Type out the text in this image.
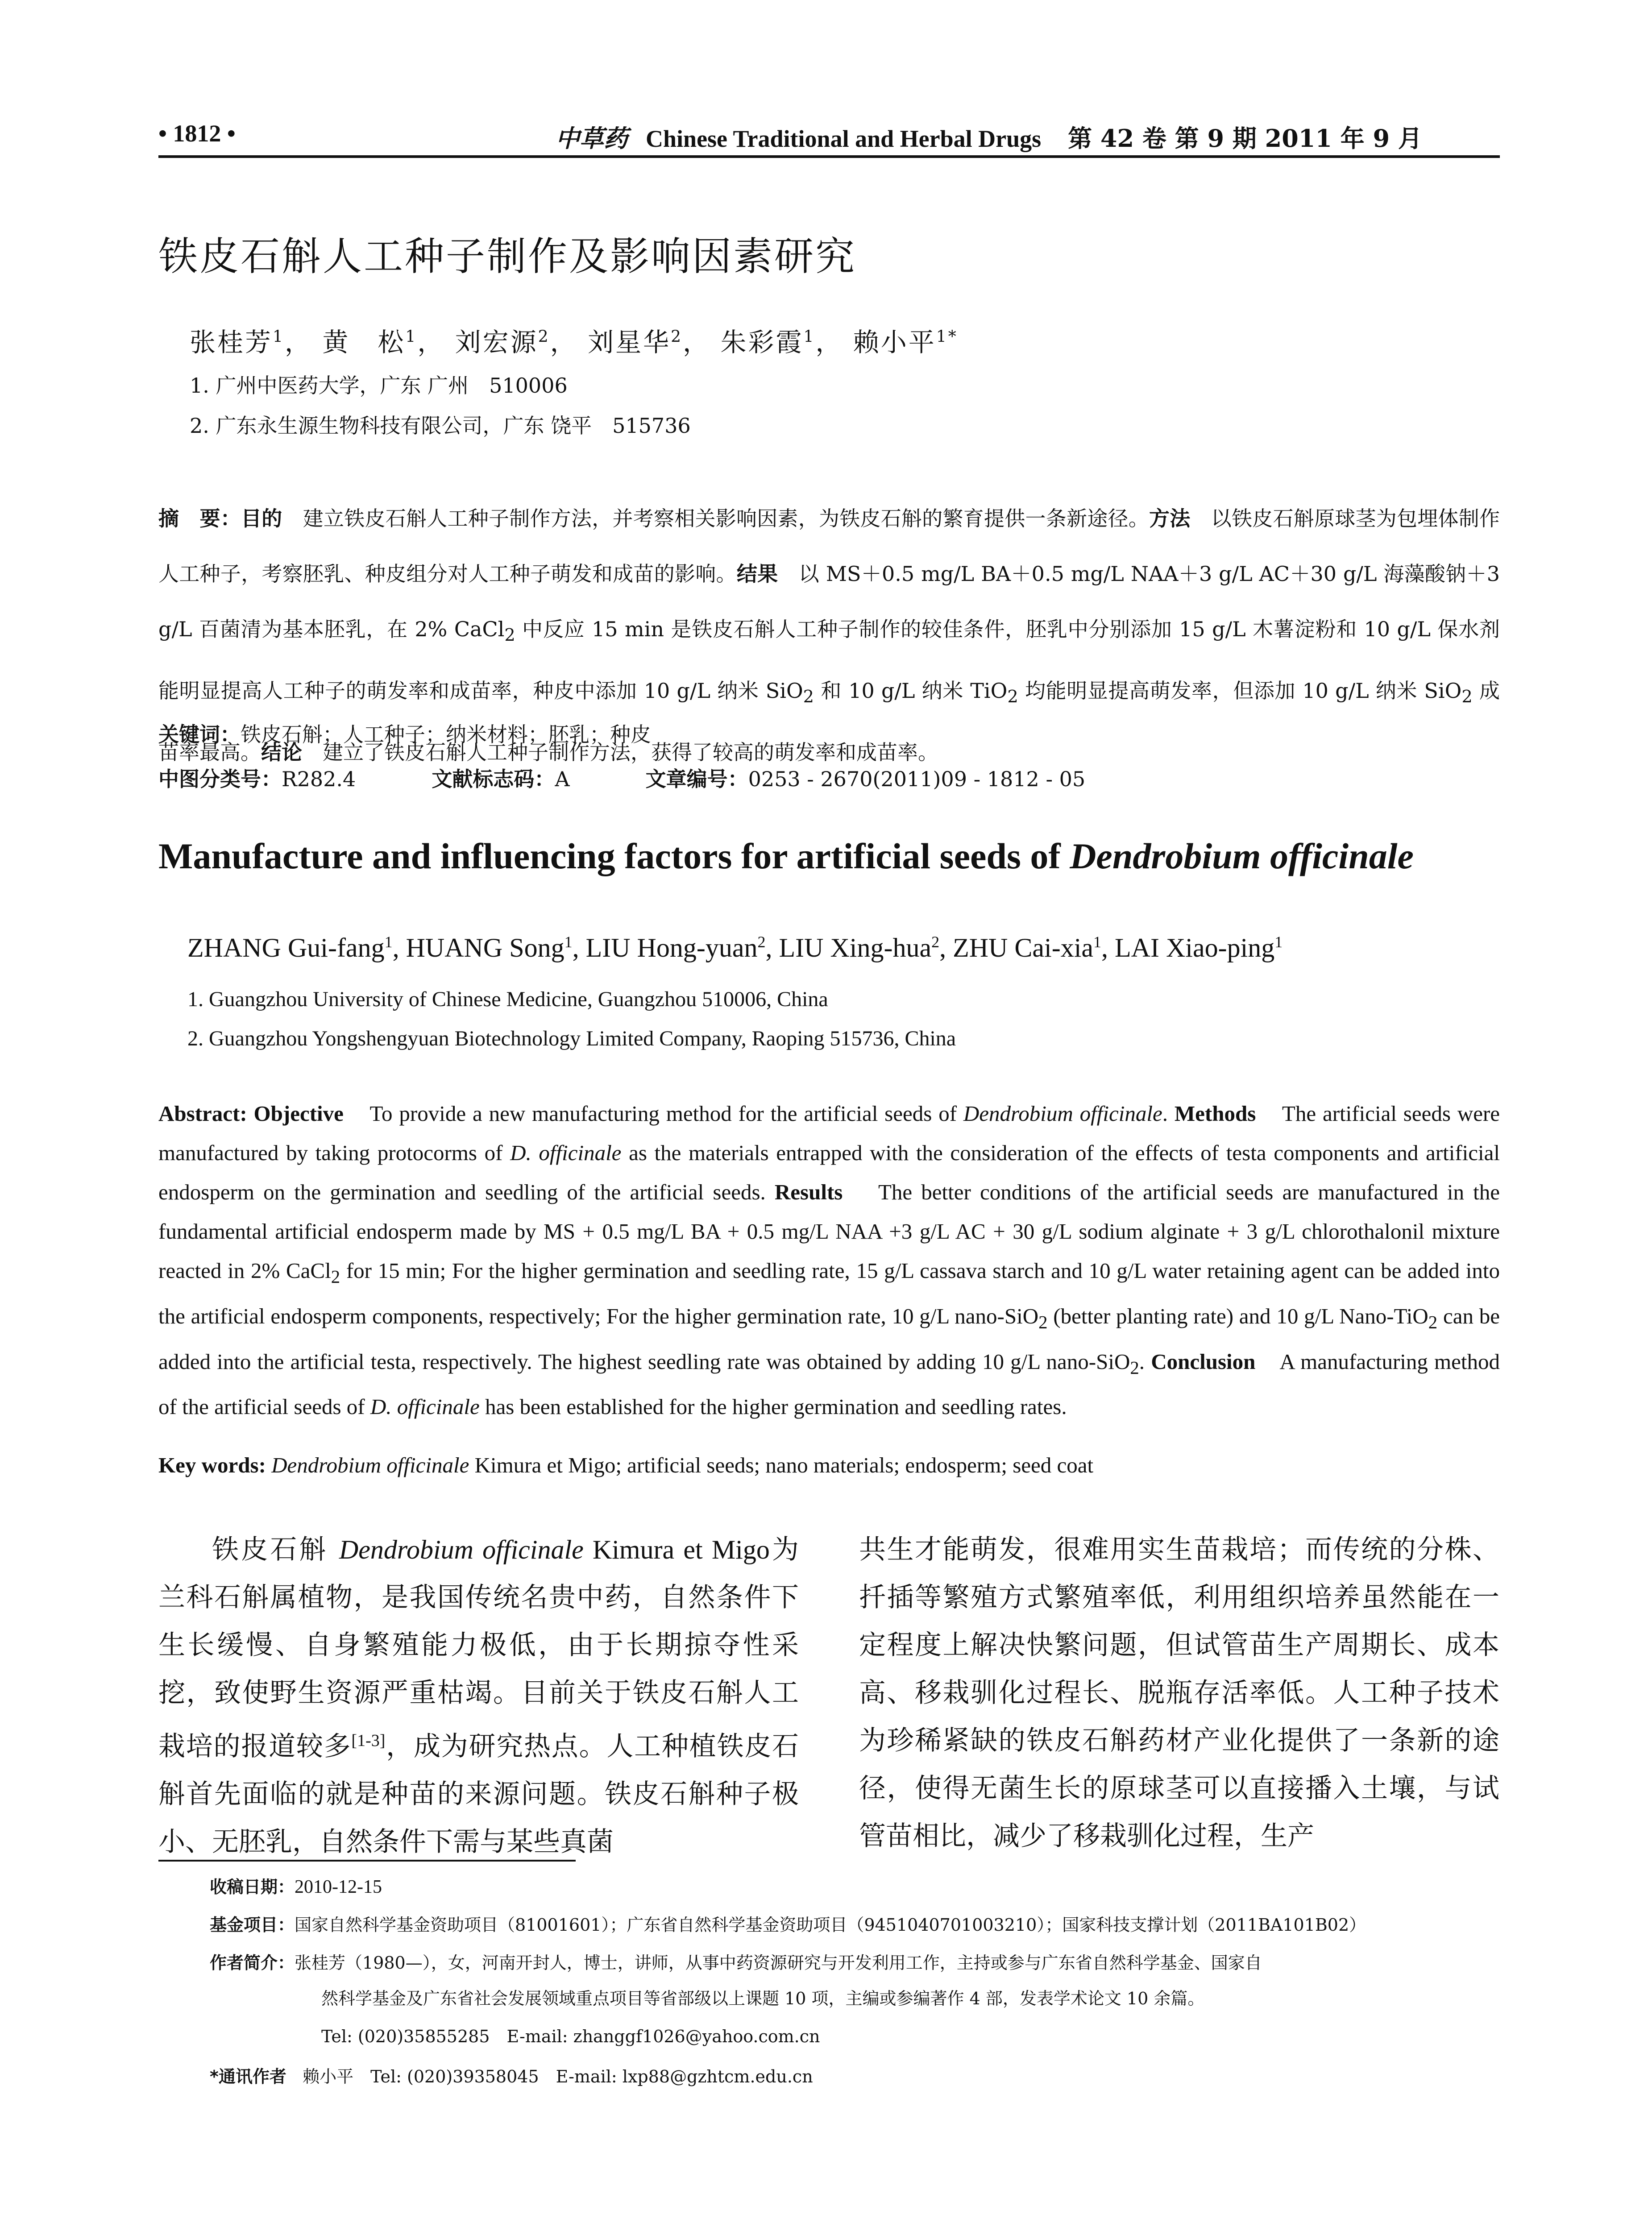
• 1812 •	中草药 Chinese Traditional and Herbal Drugs 第 42 卷 第 9 期 2011 年 9 月
铁皮石斛人工种子制作及影响因素研究
张桂芳$^1$， 黄　松$^1$， 刘宏源$^2$， 刘星华$^2$， 朱彩霞$^1$， 赖小平$^{1*}$
1. 广州中医药大学，广东 广州　510006
2. 广东永生源生物科技有限公司，广东 饶平　515736
摘　要：目的　 建立铁皮石斛人工种子制作方法，并考察相关影响因素，为铁皮石斛的繁育提供一条新途径。方法　 以铁皮石斛原球茎为包埋体制作人工种子，考察胚乳、种皮组分对人工种子萌发和成苗的影响。结果　 以 MS＋0.5 mg/L BA＋0.5 mg/L NAA＋3 g/L AC＋30 g/L 海藻酸钠＋3 g/L 百菌清为基本胚乳，在 2% CaCl$_2$ 中反应 15 min 是铁皮石斛人工种子制作的较佳条件，胚乳中分别添加 15 g/L 木薯淀粉和 10 g/L 保水剂能明显提高人工种子的萌发率和成苗率，种皮中添加 10 g/L 纳米 SiO$_2$ 和 10 g/L 纳米 TiO$_2$ 均能明显提高萌发率，但添加 10 g/L 纳米 SiO$_2$ 成苗率最高。结论　 建立了铁皮石斛人工种子制作方法，获得了较高的萌发率和成苗率。
关键词：铁皮石斛；人工种子；纳米材料；胚乳；种皮
中图分类号：R282.4	文献标志码：A	文章编号：0253 - 2670(2011)09 - 1812 - 05
Manufacture and influencing factors for artificial seeds of Dendrobium officinale
ZHANG Gui-fang$^1$, HUANG Song$^1$, LIU Hong-yuan$^2$, LIU Xing-hua$^2$, ZHU Cai-xia$^1$, LAI Xiao-ping$^1$
1. Guangzhou University of Chinese Medicine, Guangzhou 510006, China
2. Guangzhou Yongshengyuan Biotechnology Limited Company, Raoping 515736, China
Abstract: Objective To provide a new manufacturing method for the artificial seeds of Dendrobium officinale. Methods The artificial seeds were manufactured by taking protocorms of D. officinale as the materials entrapped with the consideration of the effects of testa components and artificial endosperm on the germination and seedling of the artificial seeds. Results The better conditions of the artificial seeds are manufactured in the fundamental artificial endosperm made by MS + 0.5 mg/L BA + 0.5 mg/L NAA +3 g/L AC + 30 g/L sodium alginate + 3 g/L chlorothalonil mixture reacted in 2% CaCl$_2$ for 15 min; For the higher germination and seedling rate, 15 g/L cassava starch and 10 g/L water retaining agent can be added into the artificial endosperm components, respectively; For the higher germination rate, 10 g/L nano-SiO$_2$ (better planting rate) and 10 g/L Nano-TiO$_2$ can be added into the artificial testa, respectively. The highest seedling rate was obtained by adding 10 g/L nano-SiO$_2$. Conclusion A manufacturing method of the artificial seeds of D. officinale has been established for the higher germination and seedling rates.
Key words: Dendrobium officinale Kimura et Migo; artificial seeds; nano materials; endosperm; seed coat
铁皮石斛 Dendrobium officinale Kimura et Migo为兰科石斛属植物，是我国传统名贵中药，自然条件下生长缓慢、自身繁殖能力极低，由于长期掠夺性采挖，致使野生资源严重枯竭。目前关于铁皮石斛人工栽培的报道较多[1-3]，成为研究热点。人工种植铁皮石斛首先面临的就是种苗的来源问题。铁皮石斛种子极小、无胚乳，自然条件下需与某些真菌
共生才能萌发，很难用实生苗栽培；而传统的分株、扦插等繁殖方式繁殖率低，利用组织培养虽然能在一定程度上解决快繁问题，但试管苗生产周期长、成本高、移栽驯化过程长、脱瓶存活率低。人工种子技术为珍稀紧缺的铁皮石斛药材产业化提供了一条新的途径，使得无菌生长的原球茎可以直接播入土壤，与试管苗相比，减少了移栽驯化过程，生产
收稿日期：2010-12-15
基金项目：国家自然科学基金资助项目（81001601）；广东省自然科学基金资助项目（9451040701003210）；国家科技支撑计划（2011BA101B02）
作者简介：张桂芳（1980—），女，河南开封人，博士，讲师，从事中药资源研究与开发利用工作，主持或参与广东省自然科学基金、国家自
然科学基金及广东省社会发展领域重点项目等省部级以上课题 10 项，主编或参编著作 4 部，发表学术论文 10 余篇。
Tel: (020)35855285　E-mail: zhanggf1026@yahoo.com.cn
*通讯作者 赖小平　Tel: (020)39358045　E-mail: lxp88@gzhtcm.edu.cn
